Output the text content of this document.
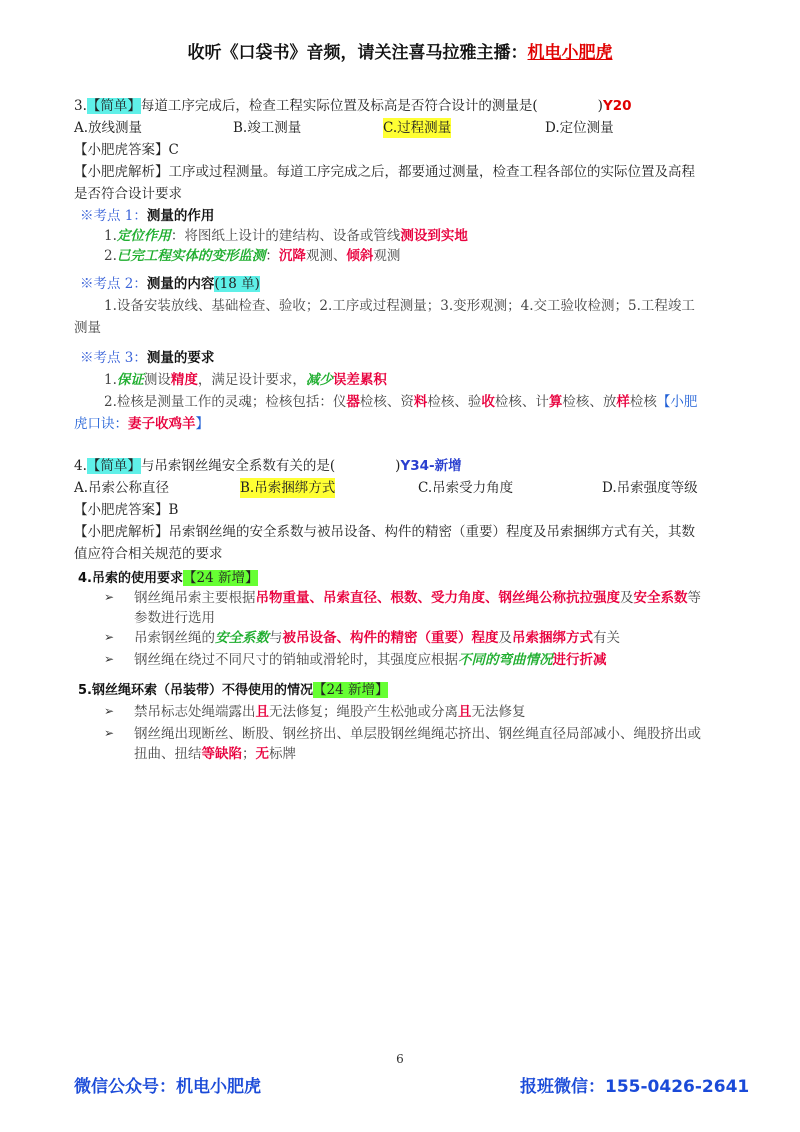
收听《口袋书》音频，请关注喜马拉雅主播：机电小肥虎
3.【简单】每道工序完成后，检查工程实际位置及标高是否符合设计的测量是(	)Y20
A.放线测量	B.竣工测量	C.过程测量	D.定位测量
【小肥虎答案】C
【小肥虎解析】工序或过程测量。每道工序完成之后，都要通过测量，检查工程各部位的实际位置及高程
是否符合设计要求
※考点 1：测量的作用
1.定位作用：将图纸上设计的建结构、设备或管线测设到实地
2.已完工程实体的变形监测：沉降观测、倾斜观测
※考点 2：测量的内容(18 单)
1.设备安装放线、基础检查、验收；2.工序或过程测量；3.变形观测；4.交工验收检测；5.工程竣工
测量
※考点 3：测量的要求
1.保证测设精度，满足设计要求，减少误差累积
2.检核是测量工作的灵魂；检核包括：仪器检核、资料检核、验收检核、计算检核、放样检核【小肥
虎口诀：妻子收鸡羊】
4.【简单】与吊索钢丝绳安全系数有关的是(	)Y34-新增
A.吊索公称直径	B.吊索捆绑方式	C.吊索受力角度	D.吊索强度等级
【小肥虎答案】B
【小肥虎解析】吊索钢丝绳的安全系数与被吊设备、构件的精密（重要）程度及吊索捆绑方式有关，其数
值应符合相关规范的要求
4.吊索的使用要求【24 新增】
➢ 钢丝绳吊索主要根据吊物重量、吊索直径、根数、受力角度、钢丝绳公称抗拉强度及安全系数等
参数进行选用
➢ 吊索钢丝绳的安全系数与被吊设备、构件的精密（重要）程度及吊索捆绑方式有关
➢ 钢丝绳在绕过不同尺寸的销轴或滑轮时，其强度应根据不同的弯曲情况进行折减
5.钢丝绳环索（吊装带）不得使用的情况【24 新增】
➢ 禁吊标志处绳端露出且无法修复；绳股产生松弛或分离且无法修复
➢ 钢丝绳出现断丝、断股、钢丝挤出、单层股钢丝绳绳芯挤出、钢丝绳直径局部减小、绳股挤出或
扭曲、扭结等缺陷；无标牌
6
微信公众号：机电小肥虎	报班微信：155-0426-2641
